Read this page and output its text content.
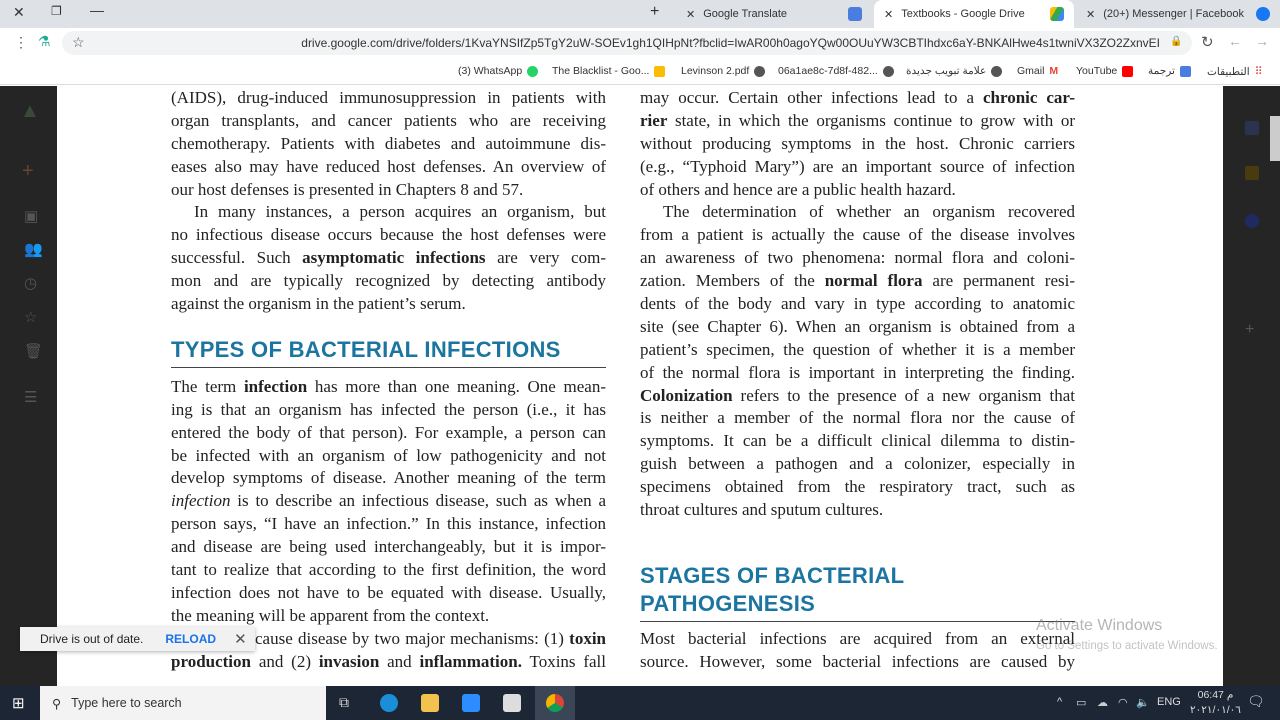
✕ ❐ —	+ ✕ Google Translate	✕ Textbooks - Google Drive	✕ (20+) Messenger | Facebook
⋮ ⚗	drive.google.com/drive/folders/1KvaYNSIfZp5TgY2uW-SOEv1gh1QIHpNt?fbclid=IwAR00h0agoYQw00OUuYW3CBTIhdxc6aY-BNKAlHwe4s1twniVX3ZO2ZxnvEI
☆	🔒 ↻ ← →
(3) WhatsApp	The Blacklist - Goo...	Levinson 2.pdf	06a1ae8c-7d8f-482...	علامة تبويب جديدة	Gmail M YouTube	ترجمة	التطبيقات ⠿
▲
+
▣
👥
◷
☆
🗑
☰
+
(AIDS), drug-induced immunosuppression in patients with
organ transplants, and cancer patients who are receiving
chemotherapy. Patients with diabetes and autoimmune dis-
eases also may have reduced host defenses. An overview of
our host defenses is presented in Chapters 8 and 57.
In many instances, a person acquires an organism, but
no infectious disease occurs because the host defenses were
successful. Such asymptomatic infections are very com-
mon and are typically recognized by detecting antibody
against the organism in the patient’s serum.
TYPES OF BACTERIAL INFECTIONS
The term infection has more than one meaning. One mean-
ing is that an organism has infected the person (i.e., it has
entered the body of that person). For example, a person can
be infected with an organism of low pathogenicity and not
develop symptoms of disease. Another meaning of the term
infection is to describe an infectious disease, such as when a
person says, “I have an infection.” In this instance, infection
and disease are being used interchangeably, but it is impor-
tant to realize that according to the first definition, the word
infection does not have to be equated with disease. Usually,
the meaning will be apparent from the context.
cause disease by two major mechanisms: (1) toxin
production and (2) invasion and inflammation. Toxins fall
may occur. Certain other infections lead to a chronic car-
rier state, in which the organisms continue to grow with or
without producing symptoms in the host. Chronic carriers
(e.g., “Typhoid Mary”) are an important source of infection
of others and hence are a public health hazard.
The determination of whether an organism recovered
from a patient is actually the cause of the disease involves
an awareness of two phenomena: normal flora and coloni-
zation. Members of the normal flora are permanent resi-
dents of the body and vary in type according to anatomic
site (see Chapter 6). When an organism is obtained from a
patient’s specimen, the question of whether it is a member
of the normal flora is important in interpreting the finding.
Colonization refers to the presence of a new organism that
is neither a member of the normal flora nor the cause of
symptoms. It can be a difficult clinical dilemma to distin-
guish between a pathogen and a colonizer, especially in
specimens obtained from the respiratory tract, such as
throat cultures and sputum cultures.
STAGES OF BACTERIAL
PATHOGENESIS
Most bacterial infections are acquired from an external
source. However, some bacterial infections are caused by
Activate Windows
Go to Settings to activate Windows.
Drive is out of date. RELOAD ✕
⊞ ⚲ Type here to search	⧉	^ ▭ ☁ ◠ 🔈 ENG
06:47 م
٢٠٢١/٠١/٠٦
🗨
